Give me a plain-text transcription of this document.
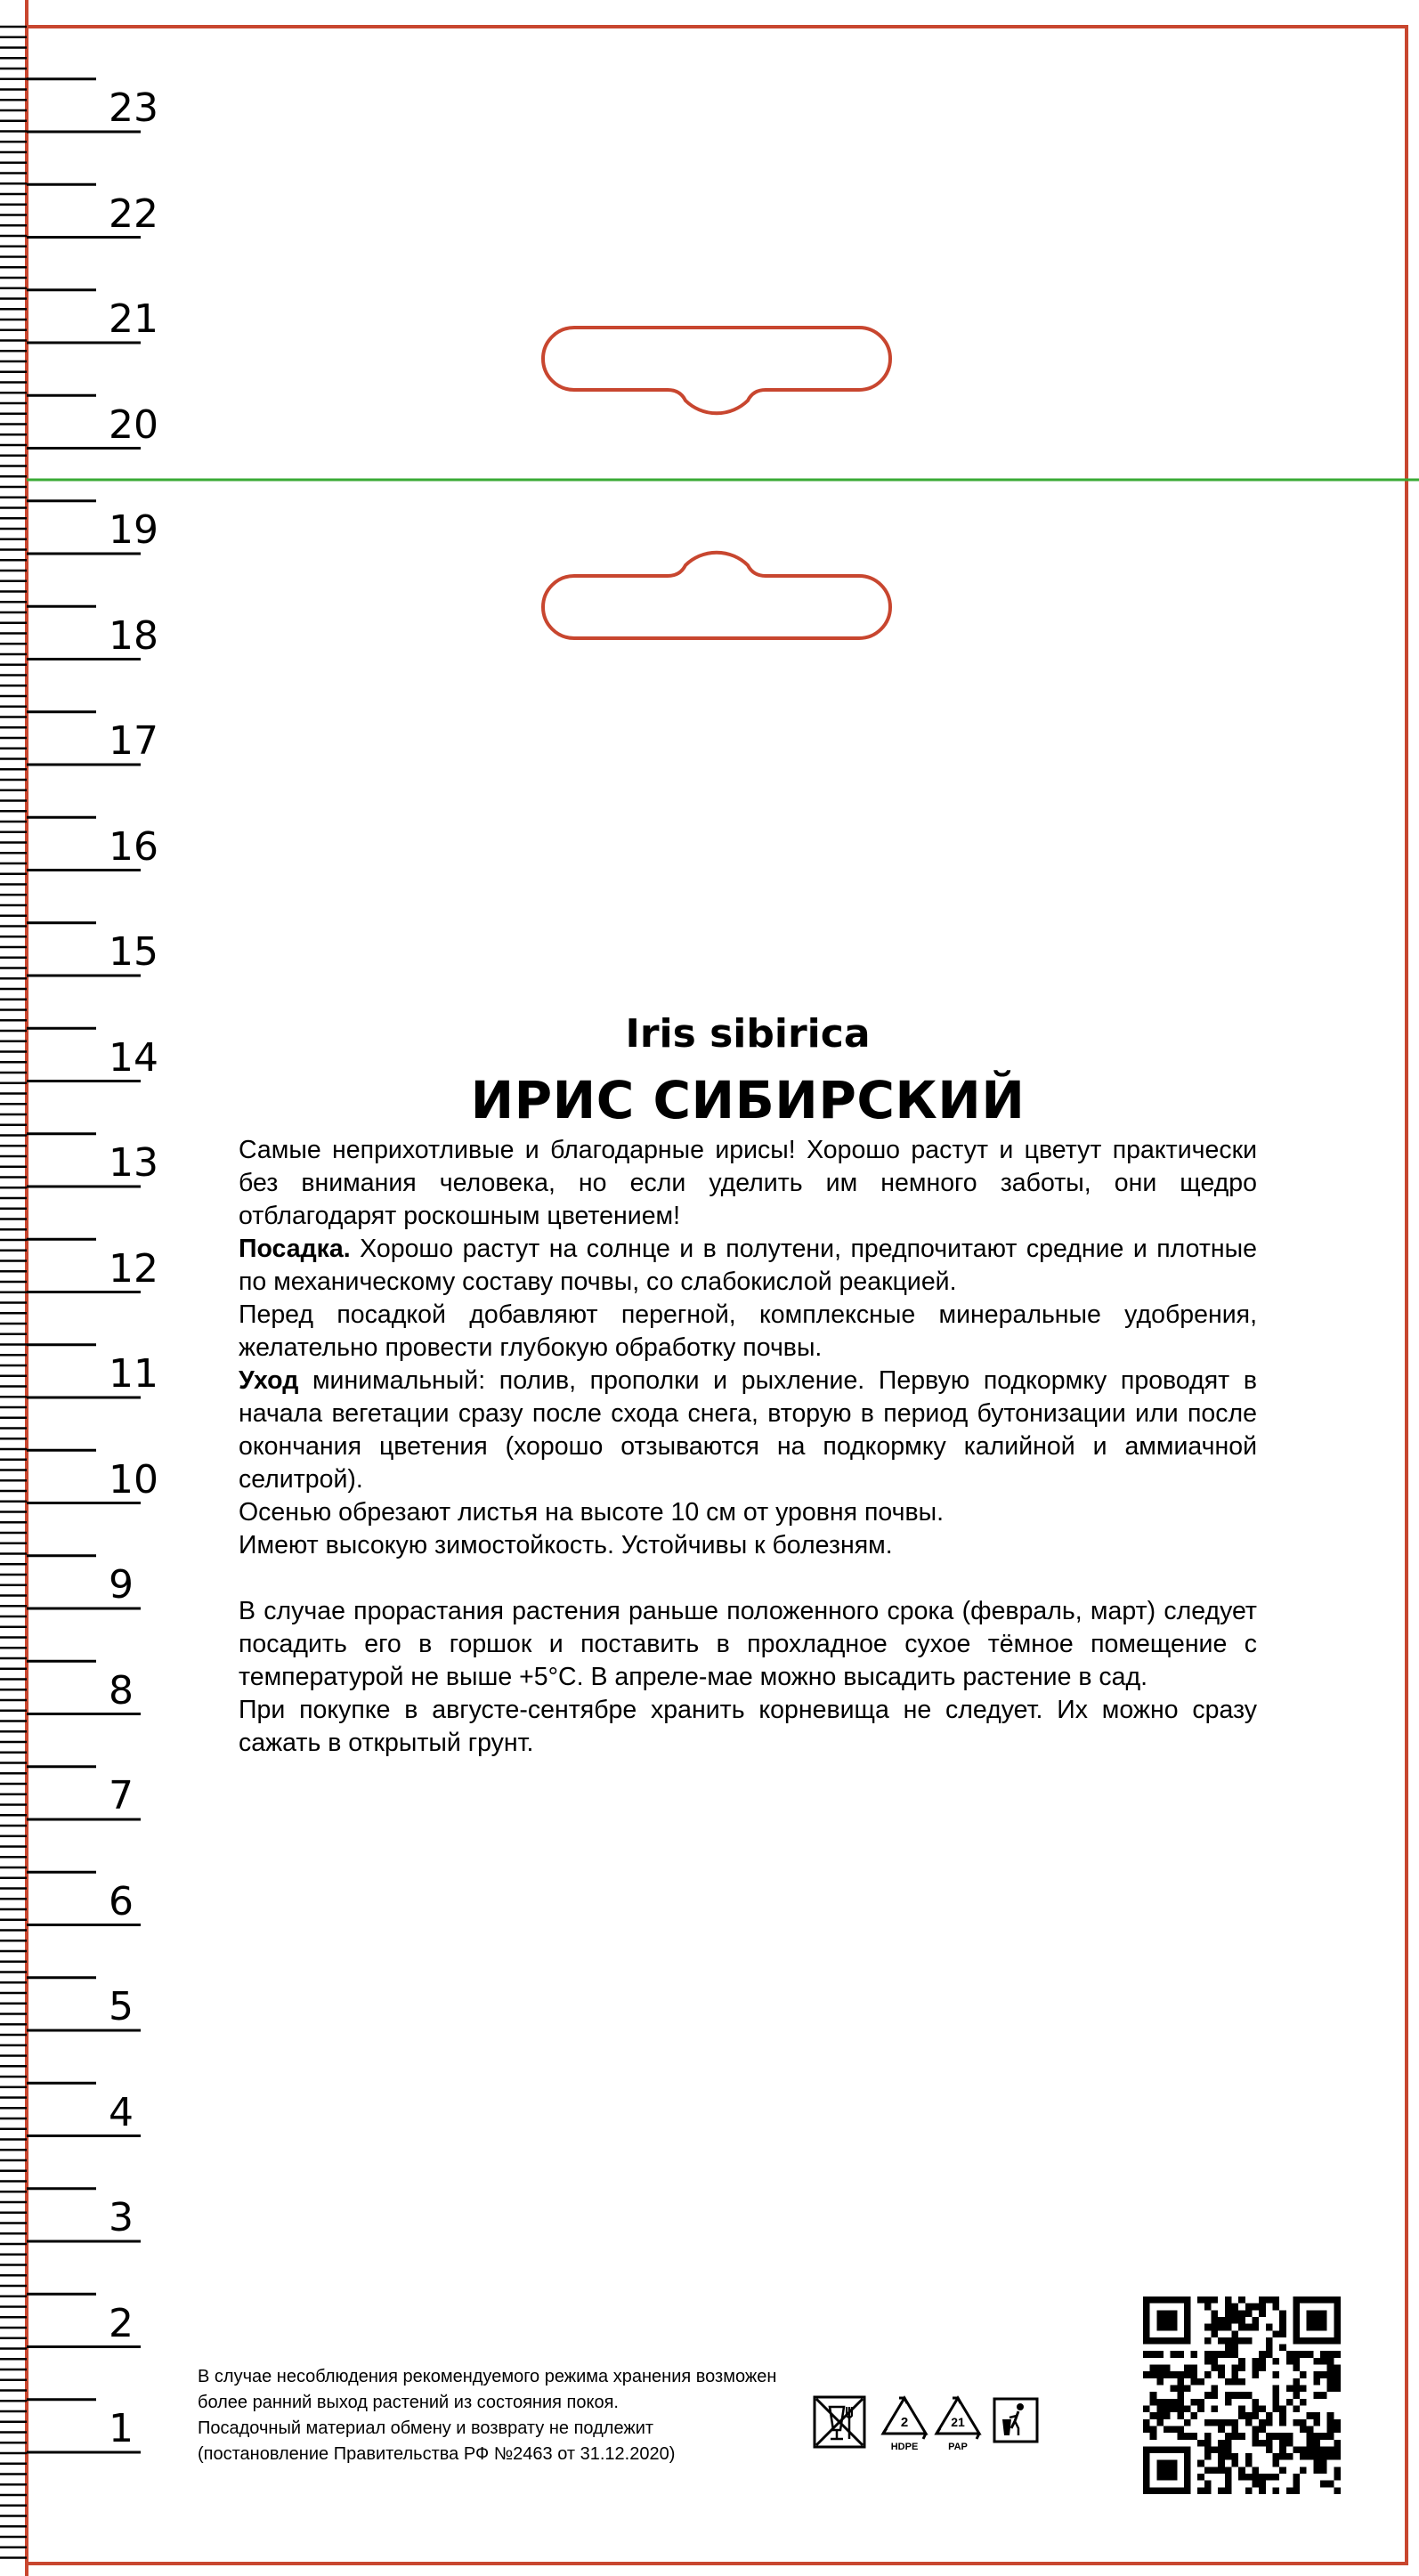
23
22
21
20
19
18
17
16
15
14
13
12
11
10
9
8
7
6
5
4
3
2
1
Iris sibirica
ИРИС СИБИРСКИЙ

Самые неприхотливые и благодарные ирисы! Хорошо растут и цветут практически без внимания человека, но если уделить им немного заботы, они щедро отблагодарят роскошным цветением!

Посадка. Хорошо растут на солнце и в полутени, предпочитают средние и плотные по механическому составу почвы, со слабокислой реакцией.

Перед посадкой добавляют перегной, комплексные минеральные удобрения, желательно провести глубокую обработку почвы.

Уход минимальный: полив, прополки и рыхление. Первую подкормку проводят в начала вегетации сразу после схода снега, вторую в период бутонизации или после окончания цветения (хорошо отзываются на подкормку калийной и аммиачной селитрой).

Осенью обрезают листья на высоте 10 см от уровня почвы.

Имеют высокую зимостойкость. Устойчивы к болезням.

В случае прорастания растения раньше положенного срока (февраль, март) следует посадить его в горшок и поставить в прохладное сухое тёмное помещение с температурой не выше +5°С. В апреле-мае можно высадить растение в сад.

При покупке в августе-сентябре хранить корневища не следует. Их можно сразу сажать в открытый грунт.

В случае несоблюдения рекомендуемого режима хранения возможен

более ранний выход растений из состояния покоя.

Посадочный материал обмену и возврату не подлежит

(постановление Правительства РФ №2463 от 31.12.2020)

2
HDPE
21
PAP
